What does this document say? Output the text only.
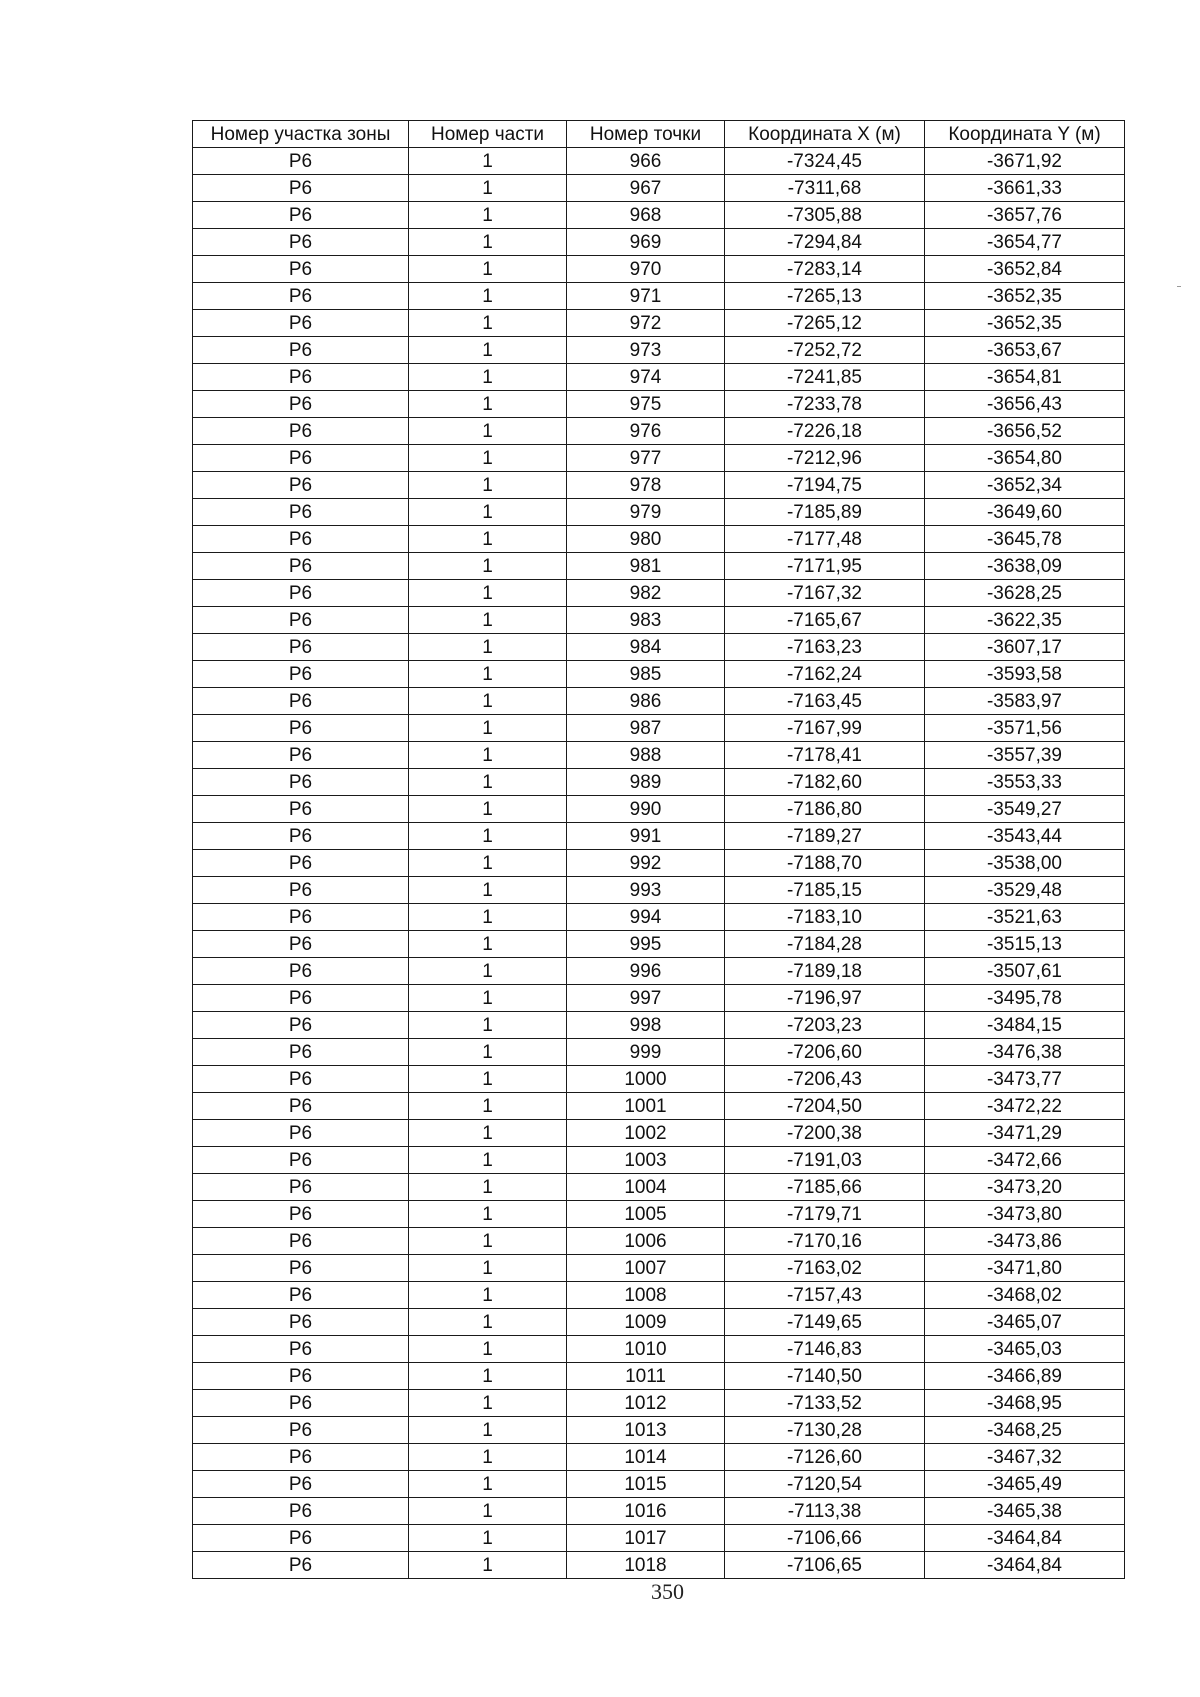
Номер участка зоны	Номер части	Номер точки	Координата X (м)	Координата Y (м)
Р6	1	966	-7324,45	-3671,92
Р6	1	967	-7311,68	-3661,33
Р6	1	968	-7305,88	-3657,76
Р6	1	969	-7294,84	-3654,77
Р6	1	970	-7283,14	-3652,84
Р6	1	971	-7265,13	-3652,35
Р6	1	972	-7265,12	-3652,35
Р6	1	973	-7252,72	-3653,67
Р6	1	974	-7241,85	-3654,81
Р6	1	975	-7233,78	-3656,43
Р6	1	976	-7226,18	-3656,52
Р6	1	977	-7212,96	-3654,80
Р6	1	978	-7194,75	-3652,34
Р6	1	979	-7185,89	-3649,60
Р6	1	980	-7177,48	-3645,78
Р6	1	981	-7171,95	-3638,09
Р6	1	982	-7167,32	-3628,25
Р6	1	983	-7165,67	-3622,35
Р6	1	984	-7163,23	-3607,17
Р6	1	985	-7162,24	-3593,58
Р6	1	986	-7163,45	-3583,97
Р6	1	987	-7167,99	-3571,56
Р6	1	988	-7178,41	-3557,39
Р6	1	989	-7182,60	-3553,33
Р6	1	990	-7186,80	-3549,27
Р6	1	991	-7189,27	-3543,44
Р6	1	992	-7188,70	-3538,00
Р6	1	993	-7185,15	-3529,48
Р6	1	994	-7183,10	-3521,63
Р6	1	995	-7184,28	-3515,13
Р6	1	996	-7189,18	-3507,61
Р6	1	997	-7196,97	-3495,78
Р6	1	998	-7203,23	-3484,15
Р6	1	999	-7206,60	-3476,38
Р6	1	1000	-7206,43	-3473,77
Р6	1	1001	-7204,50	-3472,22
Р6	1	1002	-7200,38	-3471,29
Р6	1	1003	-7191,03	-3472,66
Р6	1	1004	-7185,66	-3473,20
Р6	1	1005	-7179,71	-3473,80
Р6	1	1006	-7170,16	-3473,86
Р6	1	1007	-7163,02	-3471,80
Р6	1	1008	-7157,43	-3468,02
Р6	1	1009	-7149,65	-3465,07
Р6	1	1010	-7146,83	-3465,03
Р6	1	1011	-7140,50	-3466,89
Р6	1	1012	-7133,52	-3468,95
Р6	1	1013	-7130,28	-3468,25
Р6	1	1014	-7126,60	-3467,32
Р6	1	1015	-7120,54	-3465,49
Р6	1	1016	-7113,38	-3465,38
Р6	1	1017	-7106,66	-3464,84
Р6	1	1018	-7106,65	-3464,84
350
